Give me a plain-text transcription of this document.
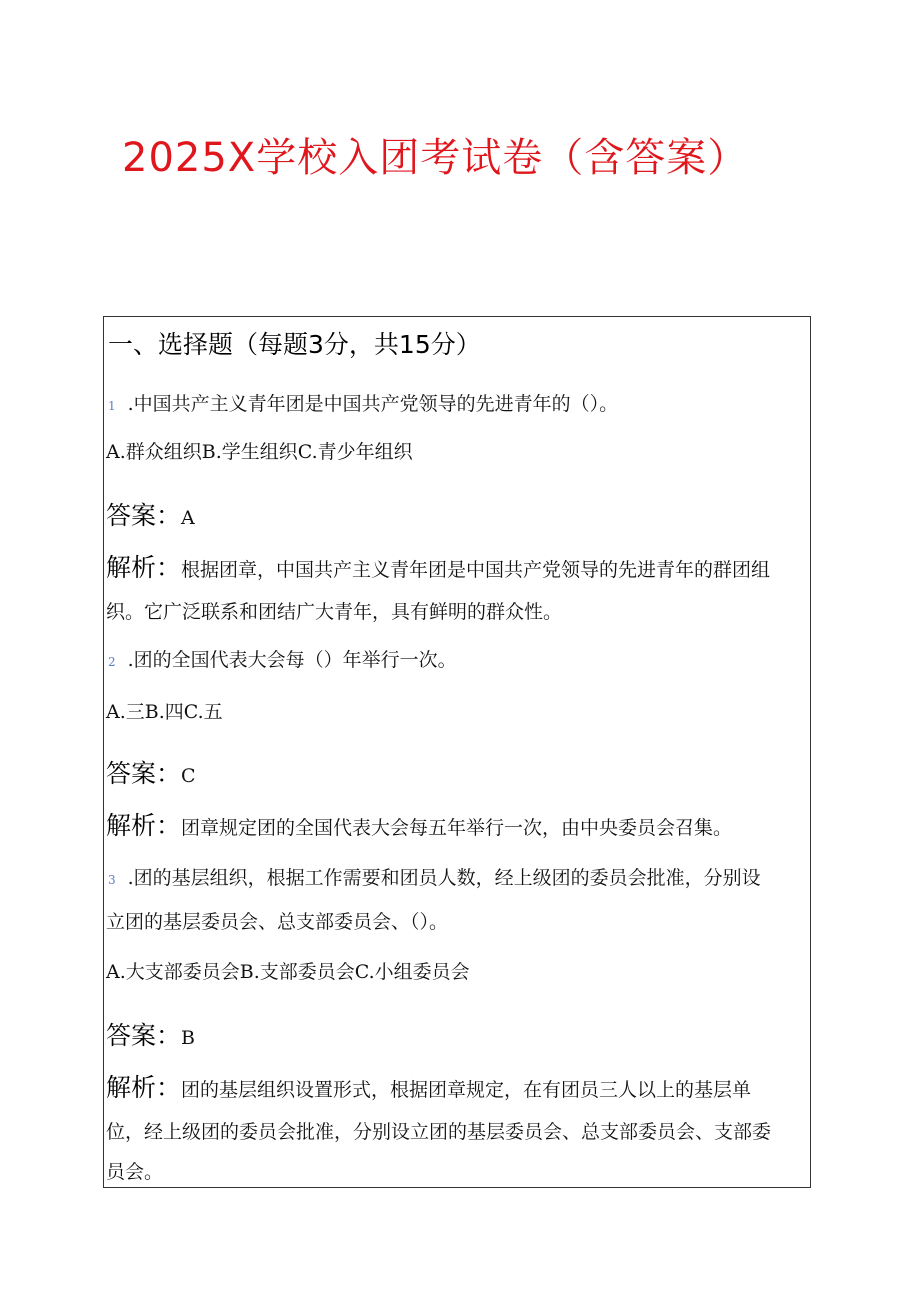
2025X学校入团考试卷（含答案）
一、选择题（每题3分，共15分）
1 .中国共产主义青年团是中国共产党领导的先进青年的（）。
A.群众组织B.学生组织C.青少年组织
答案：A
解析：根据团章，中国共产主义青年团是中国共产党领导的先进青年的群团组
织。它广泛联系和团结广大青年，具有鲜明的群众性。
2 .团的全国代表大会每（）年举行一次。
A.三B.四C.五
答案：C
解析：团章规定团的全国代表大会每五年举行一次，由中央委员会召集。
3 .团的基层组织，根据工作需要和团员人数，经上级团的委员会批准，分别设
立团的基层委员会、总支部委员会、（）。
A.大支部委员会B.支部委员会C.小组委员会
答案：B
解析：团的基层组织设置形式，根据团章规定，在有团员三人以上的基层单
位，经上级团的委员会批准，分别设立团的基层委员会、总支部委员会、支部委
员会。
